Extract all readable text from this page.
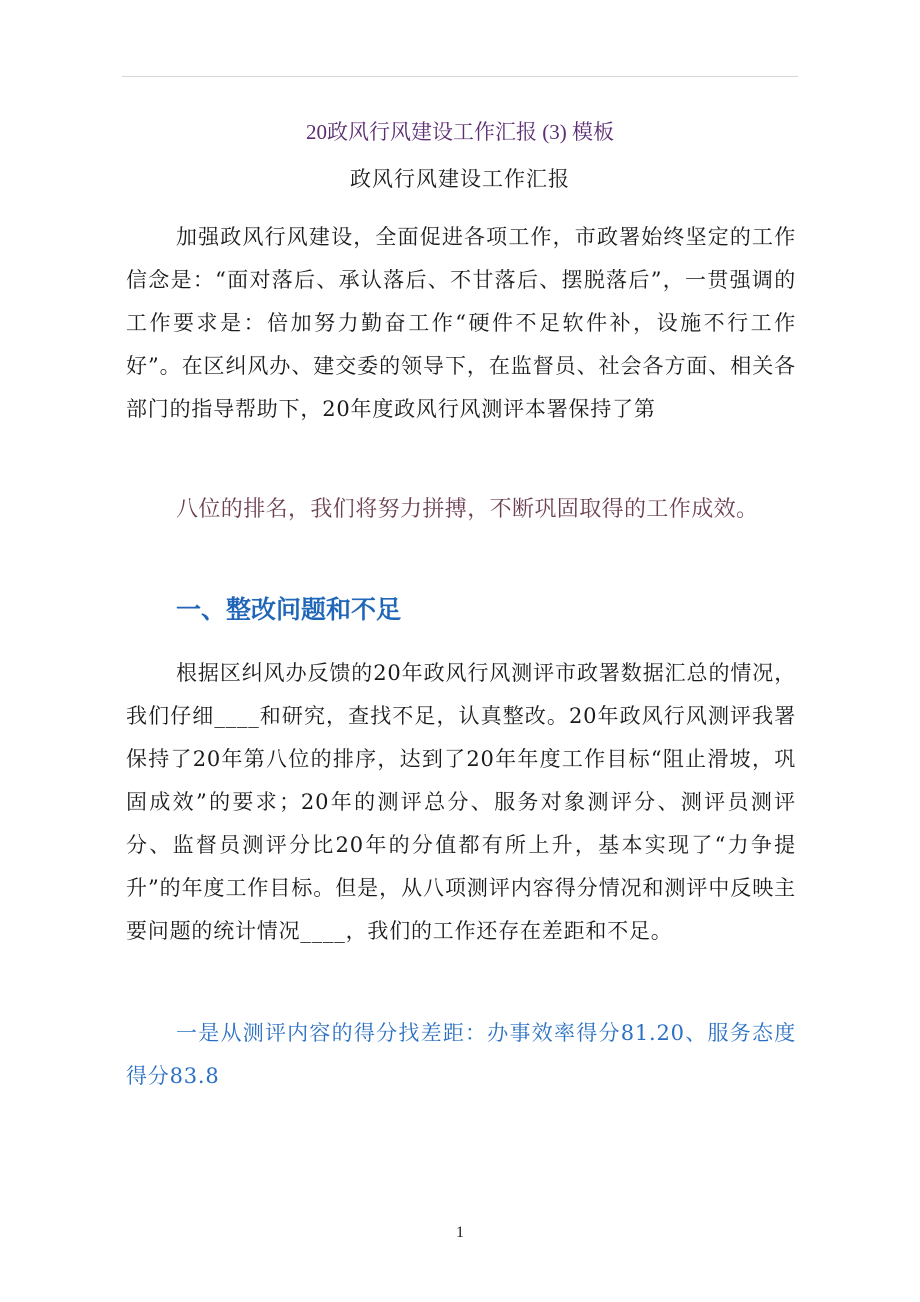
20政风行风建设工作汇报 (3) 模板
政风行风建设工作汇报

加强政风行风建设，全面促进各项工作，市政署始终坚定的工作信念是：“面对落后、承认落后、不甘落后、摆脱落后”，一贯强调的工作要求是：倍加努力勤奋工作“硬件不足软件补，设施不行工作好”。在区纠风办、建交委的领导下，在监督员、社会各方面、相关各部门的指导帮助下，20年度政风行风测评本署保持了第

八位的排名，我们将努力拼搏，不断巩固取得的工作成效。

一、整改问题和不足

根据区纠风办反馈的20年政风行风测评市政署数据汇总的情况，我们仔细____和研究，查找不足，认真整改。20年政风行风测评我署保持了20年第八位的排序，达到了20年年度工作目标“阻止滑坡，巩固成效”的要求；20年的测评总分、服务对象测评分、测评员测评分、监督员测评分比20年的分值都有所上升，基本实现了“力争提升”的年度工作目标。但是，从八项测评内容得分情况和测评中反映主要问题的统计情况____，我们的工作还存在差距和不足。

一是从测评内容的得分找差距：办事效率得分81.20、服务态度得分83.8

1
